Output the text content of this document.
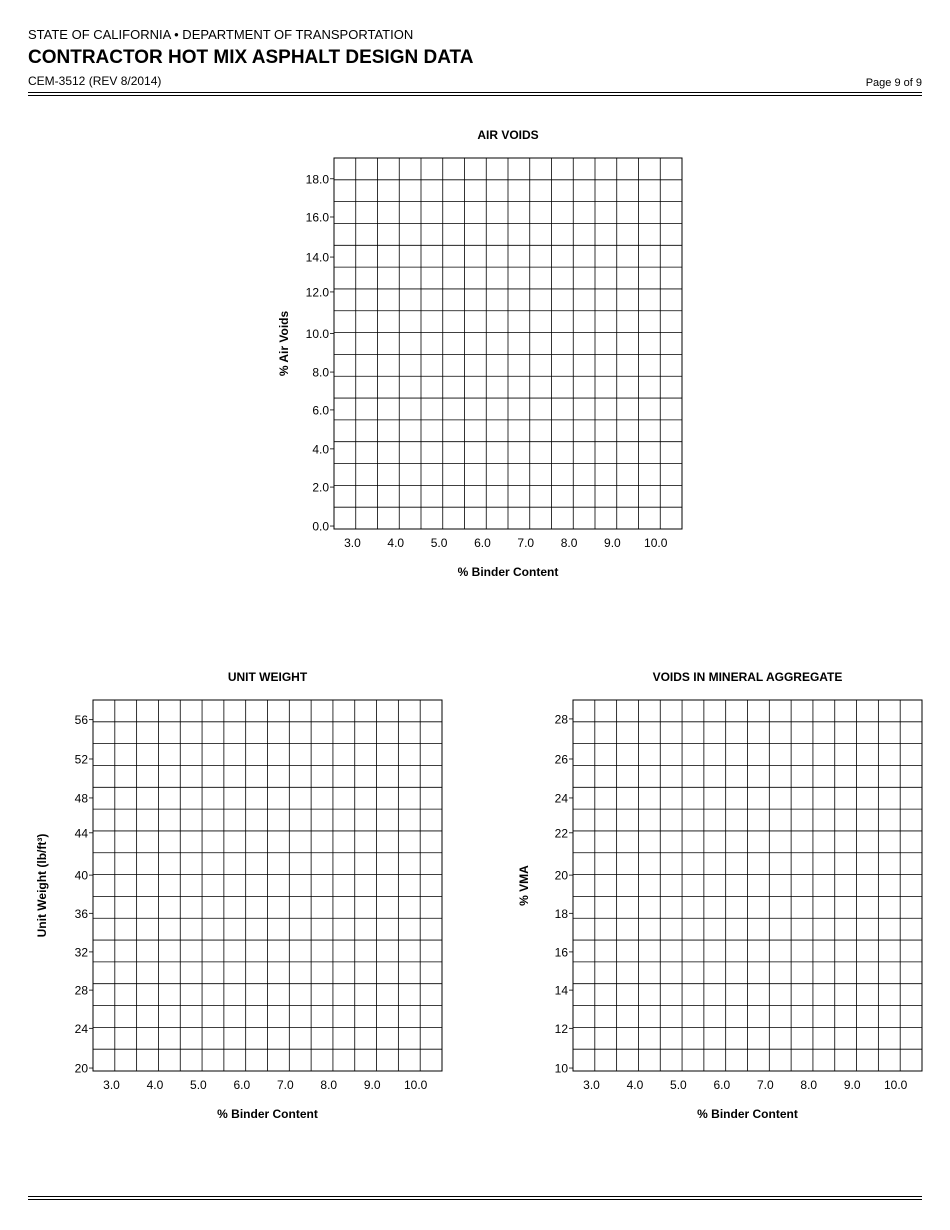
STATE OF CALIFORNIA • DEPARTMENT OF TRANSPORTATION
CONTRACTOR HOT MIX ASPHALT DESIGN DATA
CEM-3512 (REV 8/2014)	Page 9 of 9
AIR VOIDS
18.0
16.0
14.0
12.0
10.0
8.0
6.0
4.0
2.0
0.0
3.0 4.0 5.0 6.0 7.0 8.0 9.0 10.0
% Binder Content
% Air Voids
UNIT WEIGHT
56
52
48
44
40
36
32
28
24
20
3.0 4.0 5.0 6.0 7.0 8.0 9.0 10.0
% Binder Content
Unit Weight (lb/ft³)
VOIDS IN MINERAL AGGREGATE
28
26
24
22
20
18
16
14
12
10
3.0 4.0 5.0 6.0 7.0 8.0 9.0 10.0
% Binder Content
% VMA
